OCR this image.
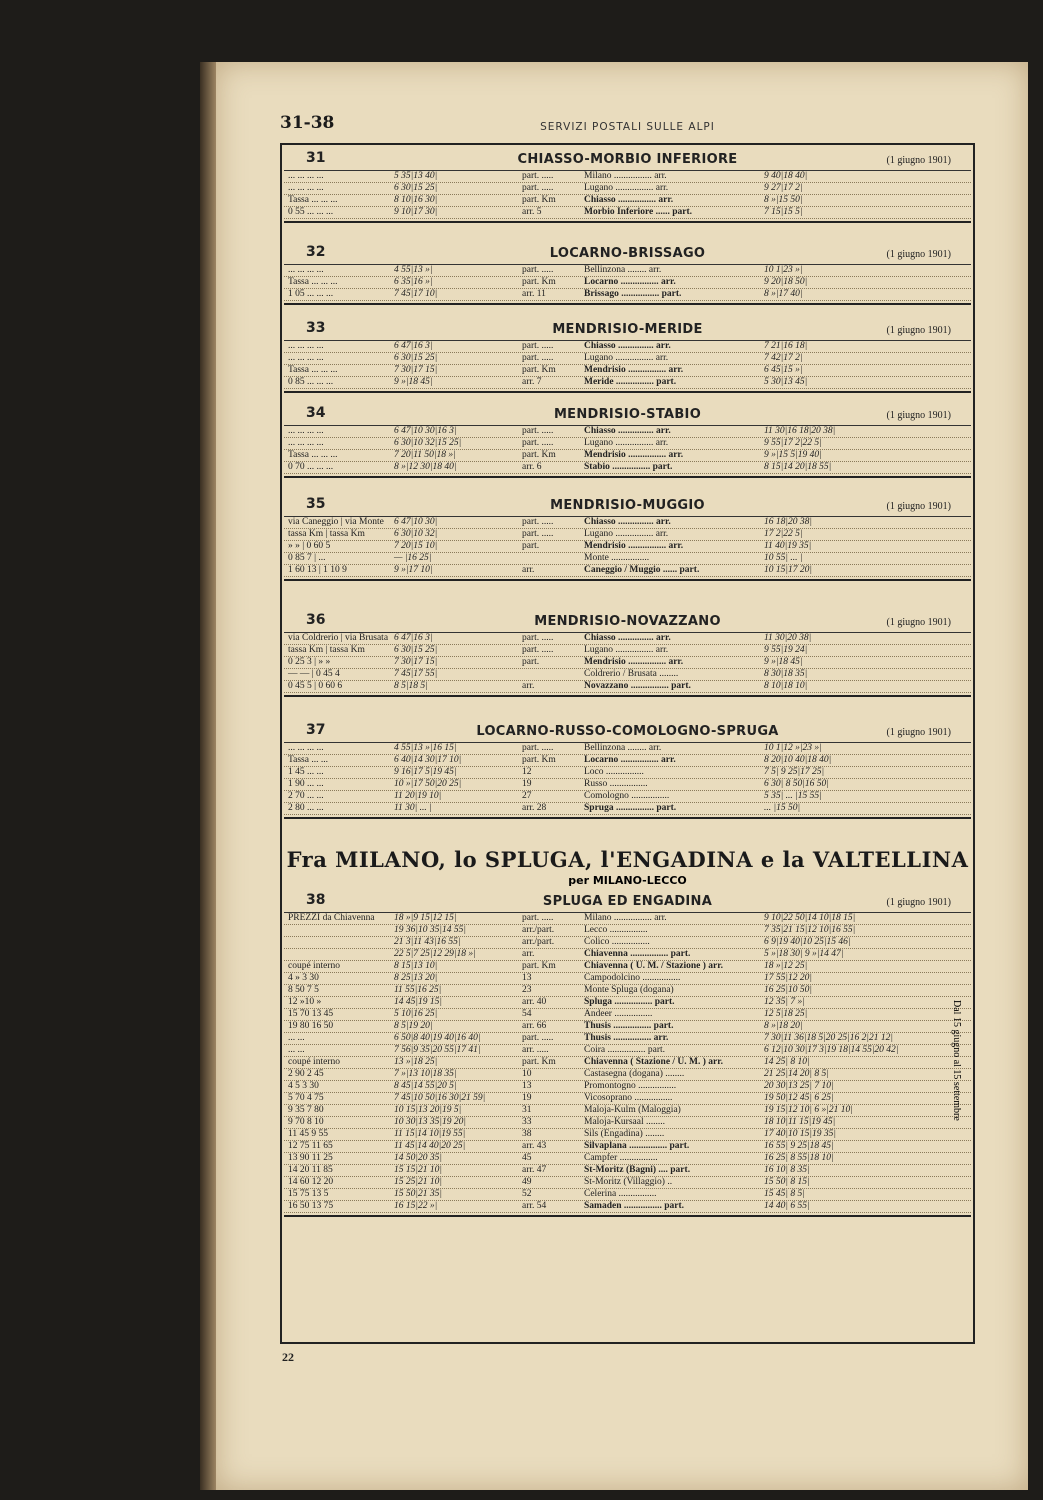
31-38	SERVIZI POSTALI SULLE ALPI
CHIASSO-MORBIO INFERIORE
31	(1 giugno 1901)
... ... ... ...	5 35|13 40|	part. .....	Milano ................ arr.	9 40|18 40|
... ... ... ...	6 30|15 25|	part. .....	Lugano ................ arr.	9 27|17 2|
Tassa ... ... ...	8 10|16 30|	part. Km	Chiasso ................ arr.	8 »|15 50|
0 55 ... ... ...	9 10|17 30|	arr. 5	Morbio Inferiore ...... part.	7 15|15 5|
LOCARNO-BRISSAGO
32	(1 giugno 1901)
... ... ... ...	4 55|13 »|	part. .....	Bellinzona ........ arr.	10 1|23 »|
Tassa ... ... ...	6 35|16 »|	part. Km	Locarno ................ arr.	9 20|18 50|
1 05 ... ... ...	7 45|17 10|	arr. 11	Brissago ................ part.	8 »|17 40|
MENDRISIO-MERIDE
33	(1 giugno 1901)
... ... ... ...	6 47|16 3|	part. .....	Chiasso ............... arr.	7 21|16 18|
... ... ... ...	6 30|15 25|	part. .....	Lugano ................ arr.	7 42|17 2|
Tassa ... ... ...	7 30|17 15|	part. Km	Mendrisio ................ arr.	6 45|15 »|
0 85 ... ... ...	9 »|18 45|	arr. 7	Meride ................ part.	5 30|13 45|
MENDRISIO-STABIO
34	(1 giugno 1901)
... ... ... ...	6 47|10 30|16 3|	part. .....	Chiasso ............... arr.	11 30|16 18|20 38|
... ... ... ...	6 30|10 32|15 25|	part. .....	Lugano ................ arr.	9 55|17 2|22 5|
Tassa ... ... ...	7 20|11 50|18 »|	part. Km	Mendrisio ................ arr.	9 »|15 5|19 40|
0 70 ... ... ...	8 »|12 30|18 40|	arr. 6	Stabio ................ part.	8 15|14 20|18 55|
MENDRISIO-MUGGIO
35	(1 giugno 1901)
via Caneggio | via Monte 6 47|10 30|	part. .....	Chiasso ............... arr.	16 18|20 38|
tassa Km | tassa Km	6 30|10 32|	part. .....	Lugano ................ arr.	17 2|22 5|
» » | 0 60 5	7 20|15 10|	part.	Mendrisio ................ arr.	11 40|19 35|
0 85 7 | ...	— |16 25|	Monte ................	10 55| ... |
1 60 13 | 1 10 9	9 »|17 10|	arr.	Caneggio / Muggio ...... part.	10 15|17 20|
MENDRISIO-NOVAZZANO
36	(1 giugno 1901)
via Coldrerio | via Brusata 6 47|16 3|	part. .....	Chiasso ............... arr.	11 30|20 38|
tassa Km | tassa Km	6 30|15 25|	part. .....	Lugano ................ arr.	9 55|19 24|
0 25 3 | » »	7 30|17 15|	part.	Mendrisio ................ arr.	9 »|18 45|
— — | 0 45 4	7 45|17 55|	Coldrerio / Brusata ........	8 30|18 35|
0 45 5 | 0 60 6	8 5|18 5|	arr.	Novazzano ................ part.	8 10|18 10|
LOCARNO-RUSSO-COMOLOGNO-SPRUGA
37	(1 giugno 1901)
... ... ... ...	4 55|13 »|16 15|	part. .....	Bellinzona ........ arr.	10 1|12 »|23 »|
Tassa ... ...	6 40|14 30|17 10|	part. Km	Locarno ................ arr.	8 20|10 40|18 40|
1 45 ... ...	9 16|17 5|19 45|	12	Loco ................	7 5| 9 25|17 25|
1 90 ... ...	10 »|17 50|20 25|	19	Russo ................	6 30| 8 50|16 50|
2 70 ... ...	11 20|19 10|	27	Comologno ................	5 35| ... |15 55|
2 80 ... ...	11 30| ... |	arr. 28	Spruga ................ part.	... |15 50|
SPLUGA ED ENGADINA
38	(1 giugno 1901)
PREZZI da Chiavenna 18 »|9 15|12 15|	part. .....	Milano ................ arr.	9 10|22 50|14 10|18 15|
19 36|10 35|14 55|	arr./part.	Lecco ................	7 35|21 15|12 10|16 55|
21 3|11 43|16 55|	arr./part.	Colico ................	6 9|19 40|10 25|15 46|
22 5|7 25|12 29|18 »|	arr.	Chiavenna ................ part.	5 »|18 30| 9 »|14 47|
coupé interno	8 15|13 10|	part. Km	Chiavenna ( U. M. / Stazione ) arr.	18 »|12 25|
4 » 3 30	8 25|13 20|	13	Campodolcino ................	17 55|12 20|
8 50 7 5	11 55|16 25|	23	Monte Spluga (dogana)	16 25|10 50|
12 »10 »	14 45|19 15|	arr. 40	Spluga ................ part.	12 35| 7 »|
15 70 13 45	5 10|16 25|	54	Andeer ................	12 5|18 25|
19 80 16 50	8 5|19 20|	arr. 66	Thusis ................ part.	8 »|18 20|
... ...	6 50|8 40|19 40|16 40|	part. .....	Thusis ................ arr.	7 30|11 36|18 5|20 25|16 2|21 12|
... ...	7 56|9 35|20 55|17 41|	arr. .....	Coira ................ part.	6 12|10 30|17 3|19 18|14 55|20 42|
coupé interno	13 »|18 25|	part. Km	Chiavenna ( Stazione / U. M. ) arr.	14 25| 8 10|
2 90 2 45	7 »|13 10|18 35|	10	Castasegna (dogana) ........	21 25|14 20| 8 5|
4 5 3 30	8 45|14 55|20 5|	13	Promontogno ................	20 30|13 25| 7 10|
5 70 4 75	7 45|10 50|16 30|21 59|	19	Vicosoprano ................	19 50|12 45| 6 25|
9 35 7 80	10 15|13 20|19 5|	31	Maloja-Kulm (Maloggia)	19 15|12 10| 6 »|21 10|
9 70 8 10	10 30|13 35|19 20|	33	Maloja-Kursaal ........	18 10|11 15|19 45|
11 45 9 55	11 15|14 10|19 55|	38	Sils (Engadina) ........	17 40|10 15|19 35|
12 75 11 65	11 45|14 40|20 25|	arr. 43	Silvaplana ................ part.	16 55| 9 25|18 45|
13 90 11 25	14 50|20 35|	45	Campfer ................	16 25| 8 55|18 10|
14 20 11 85	15 15|21 10|	arr. 47	St-Moritz (Bagni) .... part.	16 10| 8 35|
14 60 12 20	15 25|21 10|	49	St-Moritz (Villaggio) ..	15 50| 8 15|
15 75 13 5	15 50|21 35|	52	Celerina ................	15 45| 8 5|
16 50 13 75	16 15|22 »|	arr. 54	Samaden ................ part.	14 40| 6 55|
Fra MILANO, lo SPLUGA, l'ENGADINA e la VALTELLINA
per MILANO-LECCO
Dal 15 giugno al 15 settembre
22
